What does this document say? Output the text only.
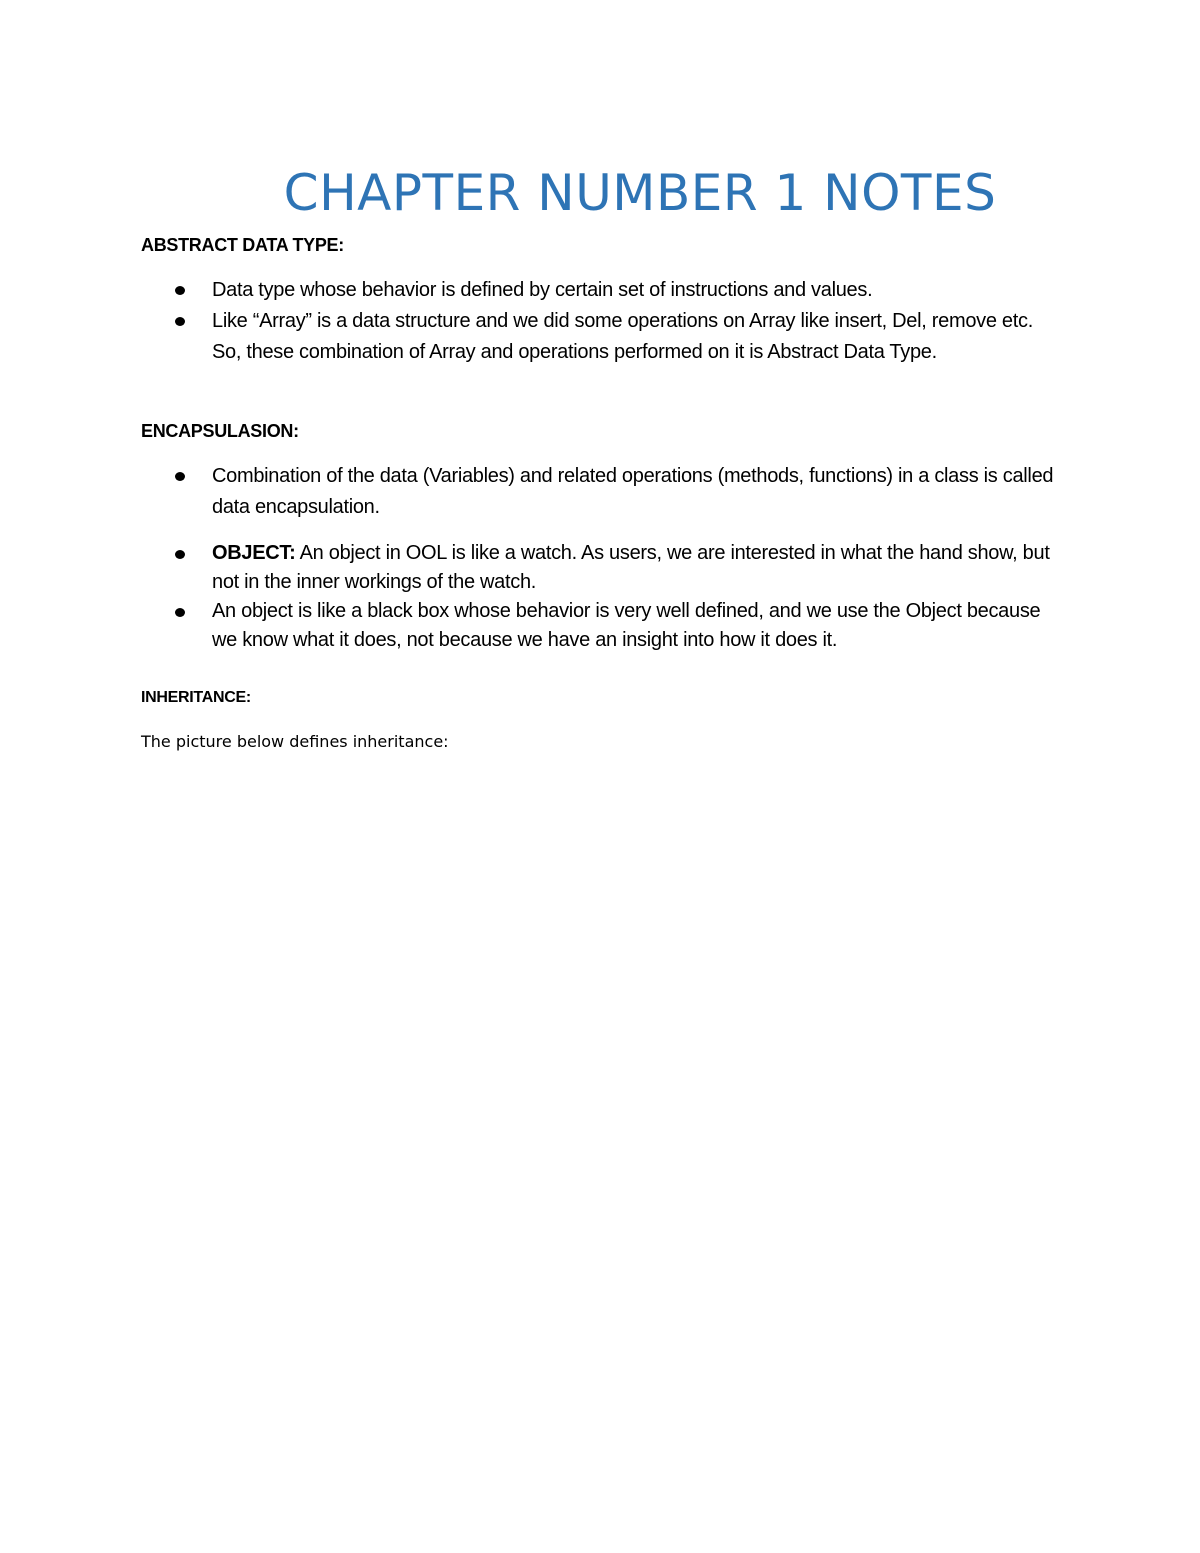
CHAPTER NUMBER 1 NOTES
ABSTRACT DATA TYPE:
Data type whose behavior is defined by certain set of instructions and values.
Like “Array” is a data structure and we did some operations on Array like insert, Del, remove etc. So, these combination of Array and operations performed on it is Abstract Data Type.
ENCAPSULASION:
Combination of the data (Variables) and related operations (methods, functions) in a class is called data encapsulation.
OBJECT: An object in OOL is like a watch. As users, we are interested in what the hand show, but not in the inner workings of the watch.
An object is like a black box whose behavior is very well defined, and we use the Object because we know what it does, not because we have an insight into how it does it.
INHERITANCE:

The picture below defines inheritance:
